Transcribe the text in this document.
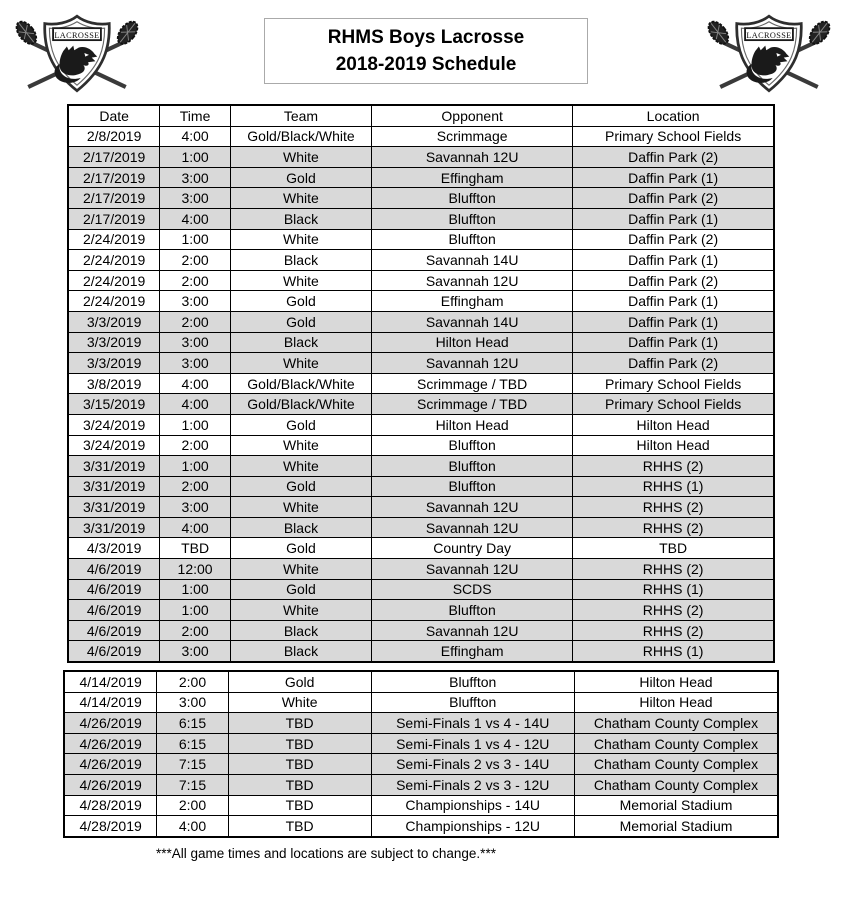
LACROSSE	RHMS Boys Lacrosse
2018-2019 Schedule
LACROSSE
Date	Time	Team	Opponent	Location
2/8/2019	4:00	Gold/Black/White	Scrimmage	Primary School Fields
2/17/2019	1:00	White	Savannah 12U	Daffin Park (2)
2/17/2019	3:00	Gold	Effingham	Daffin Park (1)
2/17/2019	3:00	White	Bluffton	Daffin Park (2)
2/17/2019	4:00	Black	Bluffton	Daffin Park (1)
2/24/2019	1:00	White	Bluffton	Daffin Park (2)
2/24/2019	2:00	Black	Savannah 14U	Daffin Park (1)
2/24/2019	2:00	White	Savannah 12U	Daffin Park (2)
2/24/2019	3:00	Gold	Effingham	Daffin Park (1)
3/3/2019	2:00	Gold	Savannah 14U	Daffin Park (1)
3/3/2019	3:00	Black	Hilton Head	Daffin Park (1)
3/3/2019	3:00	White	Savannah 12U	Daffin Park (2)
3/8/2019	4:00	Gold/Black/White	Scrimmage / TBD	Primary School Fields
3/15/2019	4:00	Gold/Black/White	Scrimmage / TBD	Primary School Fields
3/24/2019	1:00	Gold	Hilton Head	Hilton Head
3/24/2019	2:00	White	Bluffton	Hilton Head
3/31/2019	1:00	White	Bluffton	RHHS (2)
3/31/2019	2:00	Gold	Bluffton	RHHS (1)
3/31/2019	3:00	White	Savannah 12U	RHHS (2)
3/31/2019	4:00	Black	Savannah 12U	RHHS (2)
4/3/2019	TBD	Gold	Country Day	TBD
4/6/2019	12:00	White	Savannah 12U	RHHS (2)
4/6/2019	1:00	Gold	SCDS	RHHS (1)
4/6/2019	1:00	White	Bluffton	RHHS (2)
4/6/2019	2:00	Black	Savannah 12U	RHHS (2)
4/6/2019	3:00	Black	Effingham	RHHS (1)
4/14/2019	2:00	Gold	Bluffton	Hilton Head
4/14/2019	3:00	White	Bluffton	Hilton Head
4/26/2019	6:15	TBD	Semi-Finals 1 vs 4 - 14U	Chatham County Complex
4/26/2019	6:15	TBD	Semi-Finals 1 vs 4 - 12U	Chatham County Complex
4/26/2019	7:15	TBD	Semi-Finals 2 vs 3 - 14U	Chatham County Complex
4/26/2019	7:15	TBD	Semi-Finals 2 vs 3 - 12U	Chatham County Complex
4/28/2019	2:00	TBD	Championships - 14U	Memorial Stadium
4/28/2019	4:00	TBD	Championships - 12U	Memorial Stadium
***All game times and locations are subject to change.***
